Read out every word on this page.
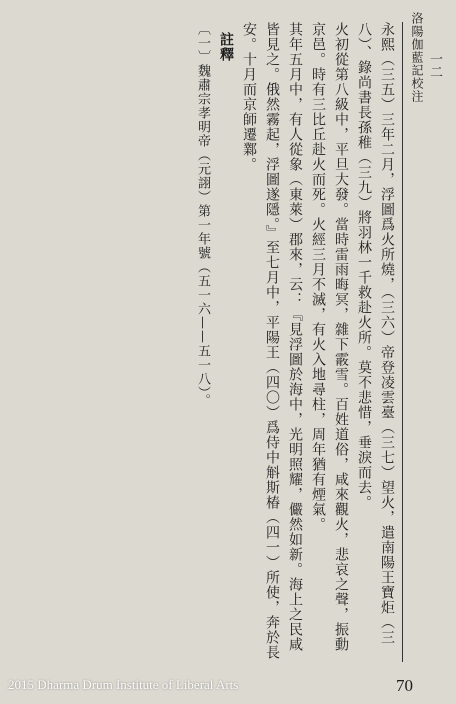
洛陽伽藍記校注 一二

永熙（三五）三年二月，浮圖爲火所燒，（三六）帝登凌雲臺（三七）望火，遣南陽王寶炬（三八）、錄尚書長孫稚（三九）將羽林一千救赴火所。莫不悲惜，垂淚而去。

火初從第八級中，平旦大發。當時雷雨晦冥，雜下霰雪。百姓道俗，咸來觀火，悲哀之聲，振動京邑。時有三比丘赴火而死。火經三月不滅，有火入地尋柱，周年猶有煙氣。

其年五月中，有人從象（東萊）郡來，云：『見浮圖於海中，光明照耀，儼然如新。海上之民咸皆見之。俄然霧起，浮圖遂隱。』至七月中，平陽王（四〇）爲侍中斛斯椿（四一）所使，奔於長安。十月而京師遷鄴。

註釋

〔一〕魏肅宗孝明帝（元詡）第一年號（五一六——五一八）。

2015 Dharma Drum Institute of Liberal Arts	70
